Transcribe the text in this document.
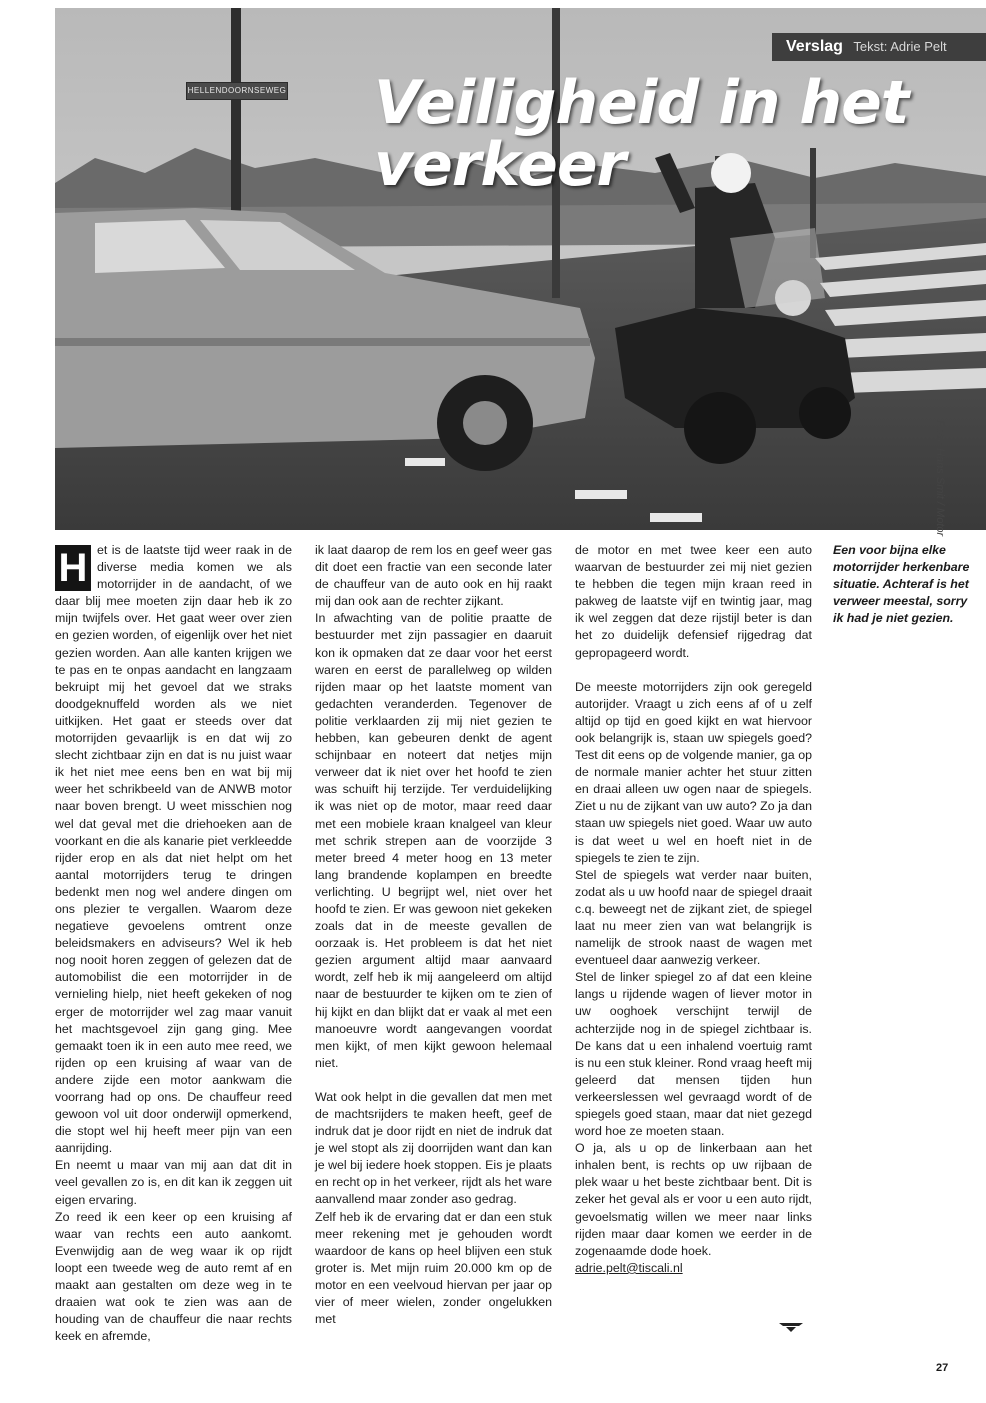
HELLENDOORNSEWEG
Foto: Hans Smit / Motor
Verslag Tekst: Adrie Pelt
Veiligheid in het verkeer
H et is de laatste tijd weer raak in de diverse media komen we als motorrijder in de aandacht, of we daar blij mee moeten zijn daar heb ik zo mijn twijfels over. Het gaat weer over zien en gezien worden, of eigenlijk over het niet gezien worden. Aan alle kanten krijgen we te pas en te onpas aandacht en langzaam bekruipt mij het gevoel dat we straks doodgeknuffeld worden als we niet uitkijken. Het gaat er steeds over dat motorrijden gevaarlijk is en dat wij zo slecht zichtbaar zijn en dat is nu juist waar ik het niet mee eens ben en wat bij mij weer het schrikbeeld van de ANWB motor naar boven brengt. U weet misschien nog wel dat geval met die driehoeken aan de voorkant en die als kanarie piet verkleedde rijder erop en als dat niet helpt om het aantal motorrijders terug te dringen bedenkt men nog wel andere dingen om ons plezier te vergallen. Waarom deze negatieve gevoelens omtrent onze beleidsmakers en adviseurs? Wel ik heb nog nooit horen zeggen of gelezen dat de automobilist die een motorrijder in de vernieling hielp, niet heeft gekeken of nog erger de motorrijder wel zag maar vanuit het machtsgevoel zijn gang ging. Mee gemaakt toen ik in een auto mee reed, we rijden op een kruising af waar van de andere zijde een motor aankwam die voorrang had op ons. De chauffeur reed gewoon vol uit door onderwijl opmerkend, die stopt wel hij heeft meer pijn van een aanrijding.

En neemt u maar van mij aan dat dit in veel gevallen zo is, en dit kan ik zeggen uit eigen ervaring.

Zo reed ik een keer op een kruising af waar van rechts een auto aankomt. Evenwijdig aan de weg waar ik op rijdt loopt een tweede weg de auto remt af en maakt aan gestalten om deze weg in te draaien wat ook te zien was aan de houding van de chauffeur die naar rechts keek en afremde,

ik laat daarop de rem los en geef weer gas dit doet een fractie van een seconde later de chauffeur van de auto ook en hij raakt mij dan ook aan de rechter zijkant.

In afwachting van de politie praatte de bestuurder met zijn passagier en daaruit kon ik opmaken dat ze daar voor het eerst waren en eerst de parallelweg op wilden rijden maar op het laatste moment van gedachten veranderden. Tegenover de politie verklaarden zij mij niet gezien te hebben, kan gebeuren denkt de agent schijnbaar en noteert dat netjes mijn verweer dat ik niet over het hoofd te zien was schuift hij terzijde. Ter verduidelijking ik was niet op de motor, maar reed daar met een mobiele kraan knalgeel van kleur met schrik strepen aan de voorzijde 3 meter breed 4 meter hoog en 13 meter lang brandende koplampen en breedte verlichting. U begrijpt wel, niet over het hoofd te zien. Er was gewoon niet gekeken zoals dat in de meeste gevallen de oorzaak is. Het probleem is dat het niet gezien argument altijd maar aanvaard wordt, zelf heb ik mij aangeleerd om altijd naar de bestuurder te kijken om te zien of hij kijkt en dan blijkt dat er vaak al met een manoeuvre wordt aangevangen voordat men kijkt, of men kijkt gewoon helemaal niet.

Wat ook helpt in die gevallen dat men met de machtsrijders te maken heeft, geef de indruk dat je door rijdt en niet de indruk dat je wel stopt als zij doorrijden want dan kan je wel bij iedere hoek stoppen. Eis je plaats en recht op in het verkeer, rijdt als het ware aanvallend maar zonder aso gedrag.

Zelf heb ik de ervaring dat er dan een stuk meer rekening met je gehouden wordt waardoor de kans op heel blijven een stuk groter is. Met mijn ruim 20.000 km op de motor en een veelvoud hiervan per jaar op vier of meer wielen, zonder ongelukken met

de motor en met twee keer een auto waarvan de bestuurder zei mij niet gezien te hebben die tegen mijn kraan reed in pakweg de laatste vijf en twintig jaar, mag ik wel zeggen dat deze rijstijl beter is dan het zo duidelijk defensief rijgedrag dat gepropageerd wordt.

De meeste motorrijders zijn ook geregeld autorijder. Vraagt u zich eens af of u zelf altijd op tijd en goed kijkt en wat hiervoor ook belangrijk is, staan uw spiegels goed? Test dit eens op de volgende manier, ga op de normale manier achter het stuur zitten en draai alleen uw ogen naar de spiegels. Ziet u nu de zijkant van uw auto? Zo ja dan staan uw spiegels niet goed. Waar uw auto is dat weet u wel en hoeft niet in de spiegels te zien te zijn.

Stel de spiegels wat verder naar buiten, zodat als u uw hoofd naar de spiegel draait c.q. beweegt net de zijkant ziet, de spiegel laat nu meer zien van wat belangrijk is namelijk de strook naast de wagen met eventueel daar aanwezig verkeer.

Stel de linker spiegel zo af dat een kleine langs u rijdende wagen of liever motor in uw ooghoek verschijnt terwijl de achterzijde nog in de spiegel zichtbaar is. De kans dat u een inhalend voertuig ramt is nu een stuk kleiner. Rond vraag heeft mij geleerd dat mensen tijden hun verkeerslessen wel gevraagd wordt of de spiegels goed staan, maar dat niet gezegd word hoe ze moeten staan.

O ja, als u op de linkerbaan aan het inhalen bent, is rechts op uw rijbaan de plek waar u het beste zichtbaar bent. Dit is zeker het geval als er voor u een auto rijdt, gevoelsmatig willen we meer naar links rijden maar daar komen we eerder in de zogenaamde dode hoek.

adrie.pelt@tiscali.nl

Een voor bijna elke motorrijder herkenbare situatie. Achteraf is het verweer meestal, sorry ik had je niet gezien.
27
